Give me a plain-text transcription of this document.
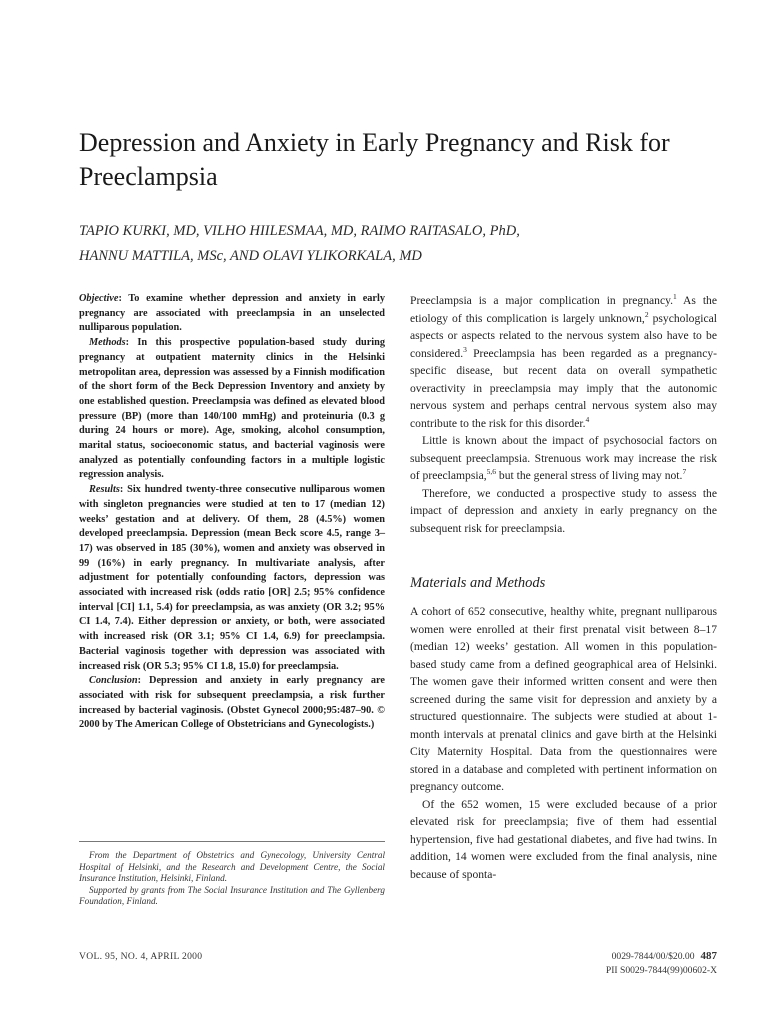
Depression and Anxiety in Early Pregnancy and Risk for Preeclampsia
TAPIO KURKI, MD, VILHO HIILESMAA, MD, RAIMO RAITASALO, PhD,
HANNU MATTILA, MSc, AND OLAVI YLIKORKALA, MD

Objective: To examine whether depression and anxiety in early pregnancy are associated with preeclampsia in an unselected nulliparous population.

Methods: In this prospective population-based study during pregnancy at outpatient maternity clinics in the Helsinki metropolitan area, depression was assessed by a Finnish modification of the short form of the Beck Depression Inventory and anxiety by one established question. Preeclampsia was defined as elevated blood pressure (BP) (more than 140/100 mmHg) and proteinuria (0.3 g during 24 hours or more). Age, smoking, alcohol consumption, marital status, socioeconomic status, and bacterial vaginosis were analyzed as potentially confounding factors in a multiple logistic regression analysis.

Results: Six hundred twenty-three consecutive nulliparous women with singleton pregnancies were studied at ten to 17 (median 12) weeks’ gestation and at delivery. Of them, 28 (4.5%) women developed preeclampsia. Depression (mean Beck score 4.5, range 3–17) was observed in 185 (30%), women and anxiety was observed in 99 (16%) in early pregnancy. In multivariate analysis, after adjustment for potentially confounding factors, depression was associated with increased risk (odds ratio [OR] 2.5; 95% confidence interval [CI] 1.1, 5.4) for preeclampsia, as was anxiety (OR 3.2; 95% CI 1.4, 7.4). Either depression or anxiety, or both, were associated with increased risk (OR 3.1; 95% CI 1.4, 6.9) for preeclampsia. Bacterial vaginosis together with depression was associated with increased risk (OR 5.3; 95% CI 1.8, 15.0) for preeclampsia.

Conclusion: Depression and anxiety in early pregnancy are associated with risk for subsequent preeclampsia, a risk further increased by bacterial vaginosis. (Obstet Gynecol 2000;95:487–90. © 2000 by The American College of Obstetricians and Gynecologists.)

From the Department of Obstetrics and Gynecology, University Central Hospital of Helsinki, and the Research and Development Centre, the Social Insurance Institution, Helsinki, Finland.

Supported by grants from The Social Insurance Institution and The Gyllenberg Foundation, Finland.

Preeclampsia is a major complication in pregnancy.$^1$ As the etiology of this complication is largely unknown,$^2$ psychological aspects or aspects related to the nervous system also have to be considered.$^3$ Preeclampsia has been regarded as a pregnancy-specific disease, but recent data on overall sympathetic overactivity in preeclampsia may imply that the autonomic nervous system and perhaps central nervous system also may contribute to the risk for this disorder.$^4$

Little is known about the impact of psychosocial factors on subsequent preeclampsia. Strenuous work may increase the risk of preeclampsia,$^{5,6}$ but the general stress of living may not.$^7$

Therefore, we conducted a prospective study to assess the impact of depression and anxiety in early pregnancy on the subsequent risk for preeclampsia.

Materials and Methods

A cohort of 652 consecutive, healthy white, pregnant nulliparous women were enrolled at their first prenatal visit between 8–17 (median 12) weeks’ gestation. All women in this population-based study came from a defined geographical area of Helsinki. The women gave their informed written consent and were then screened during the same visit for depression and anxiety by a structured questionnaire. The subjects were studied at about 1-month intervals at prenatal clinics and gave birth at the Helsinki City Maternity Hospital. Data from the questionnaires were stored in a database and completed with pertinent information on pregnancy outcome.

Of the 652 women, 15 were excluded because of a prior elevated risk for preeclampsia; five of them had essential hypertension, five had gestational diabetes, and five had twins. In addition, 14 women were excluded from the final analysis, nine because of sponta-

VOL. 95, NO. 4, APRIL 2000	0029-7844/00/$20.00 487
PII S0029-7844(99)00602-X
